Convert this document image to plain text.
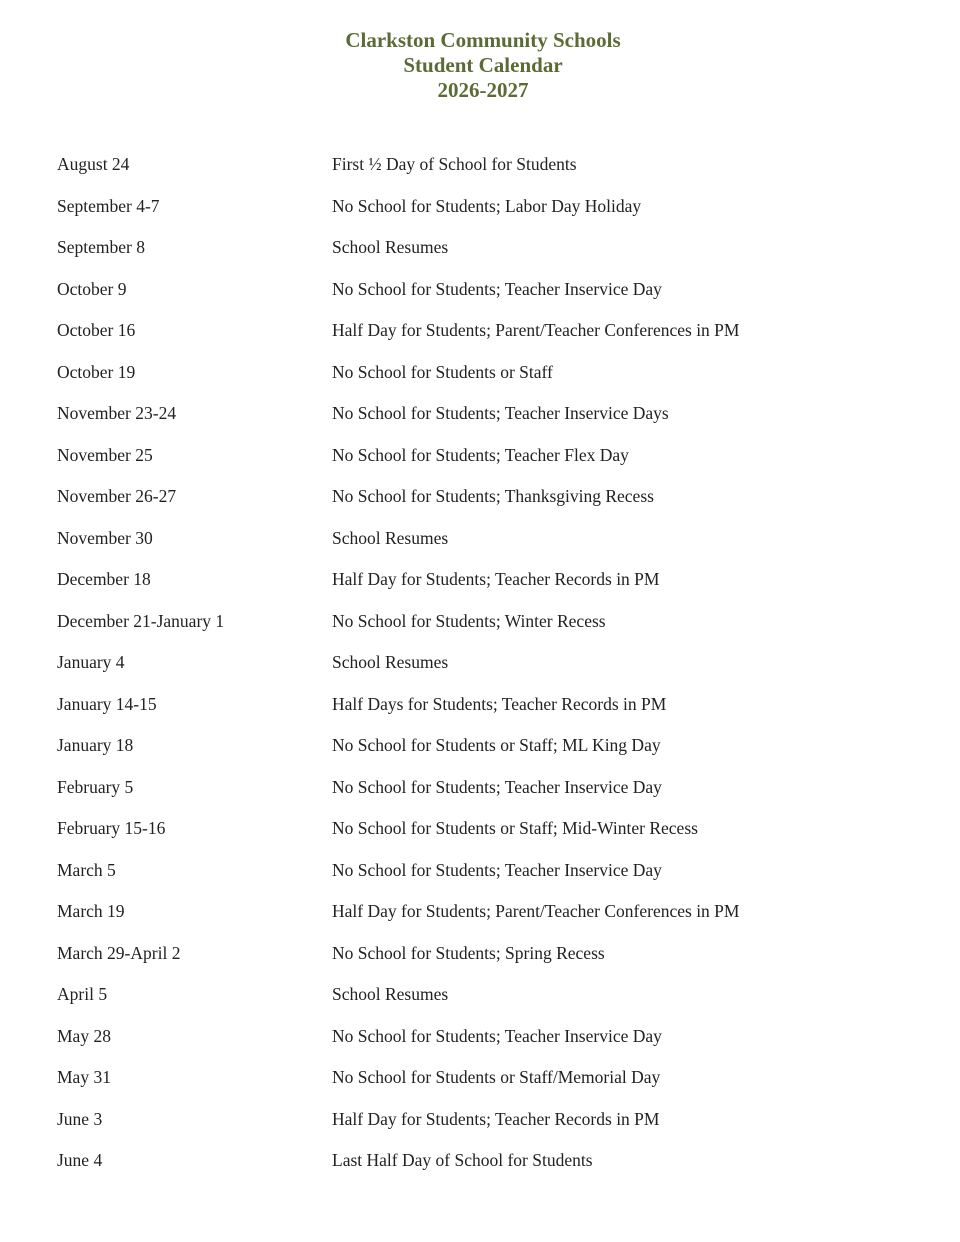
Clarkston Community Schools
Student Calendar
2026-2027
August 24	First ½ Day of School for Students
September 4-7	No School for Students; Labor Day Holiday
September 8	School Resumes
October 9	No School for Students; Teacher Inservice Day
October 16	Half Day for Students; Parent/Teacher Conferences in PM
October 19	No School for Students or Staff
November 23-24	No School for Students; Teacher Inservice Days
November 25	No School for Students; Teacher Flex Day
November 26-27	No School for Students; Thanksgiving Recess
November 30	School Resumes
December 18	Half Day for Students; Teacher Records in PM
December 21-January 1	No School for Students; Winter Recess
January 4	School Resumes
January 14-15	Half Days for Students; Teacher Records in PM
January 18	No School for Students or Staff; ML King Day
February 5	No School for Students; Teacher Inservice Day
February 15-16	No School for Students or Staff; Mid-Winter Recess
March 5	No School for Students; Teacher Inservice Day
March 19	Half Day for Students; Parent/Teacher Conferences in PM
March 29-April 2	No School for Students; Spring Recess
April 5	School Resumes
May 28	No School for Students; Teacher Inservice Day
May 31	No School for Students or Staff/Memorial Day
June 3	Half Day for Students; Teacher Records in PM
June 4	Last Half Day of School for Students
